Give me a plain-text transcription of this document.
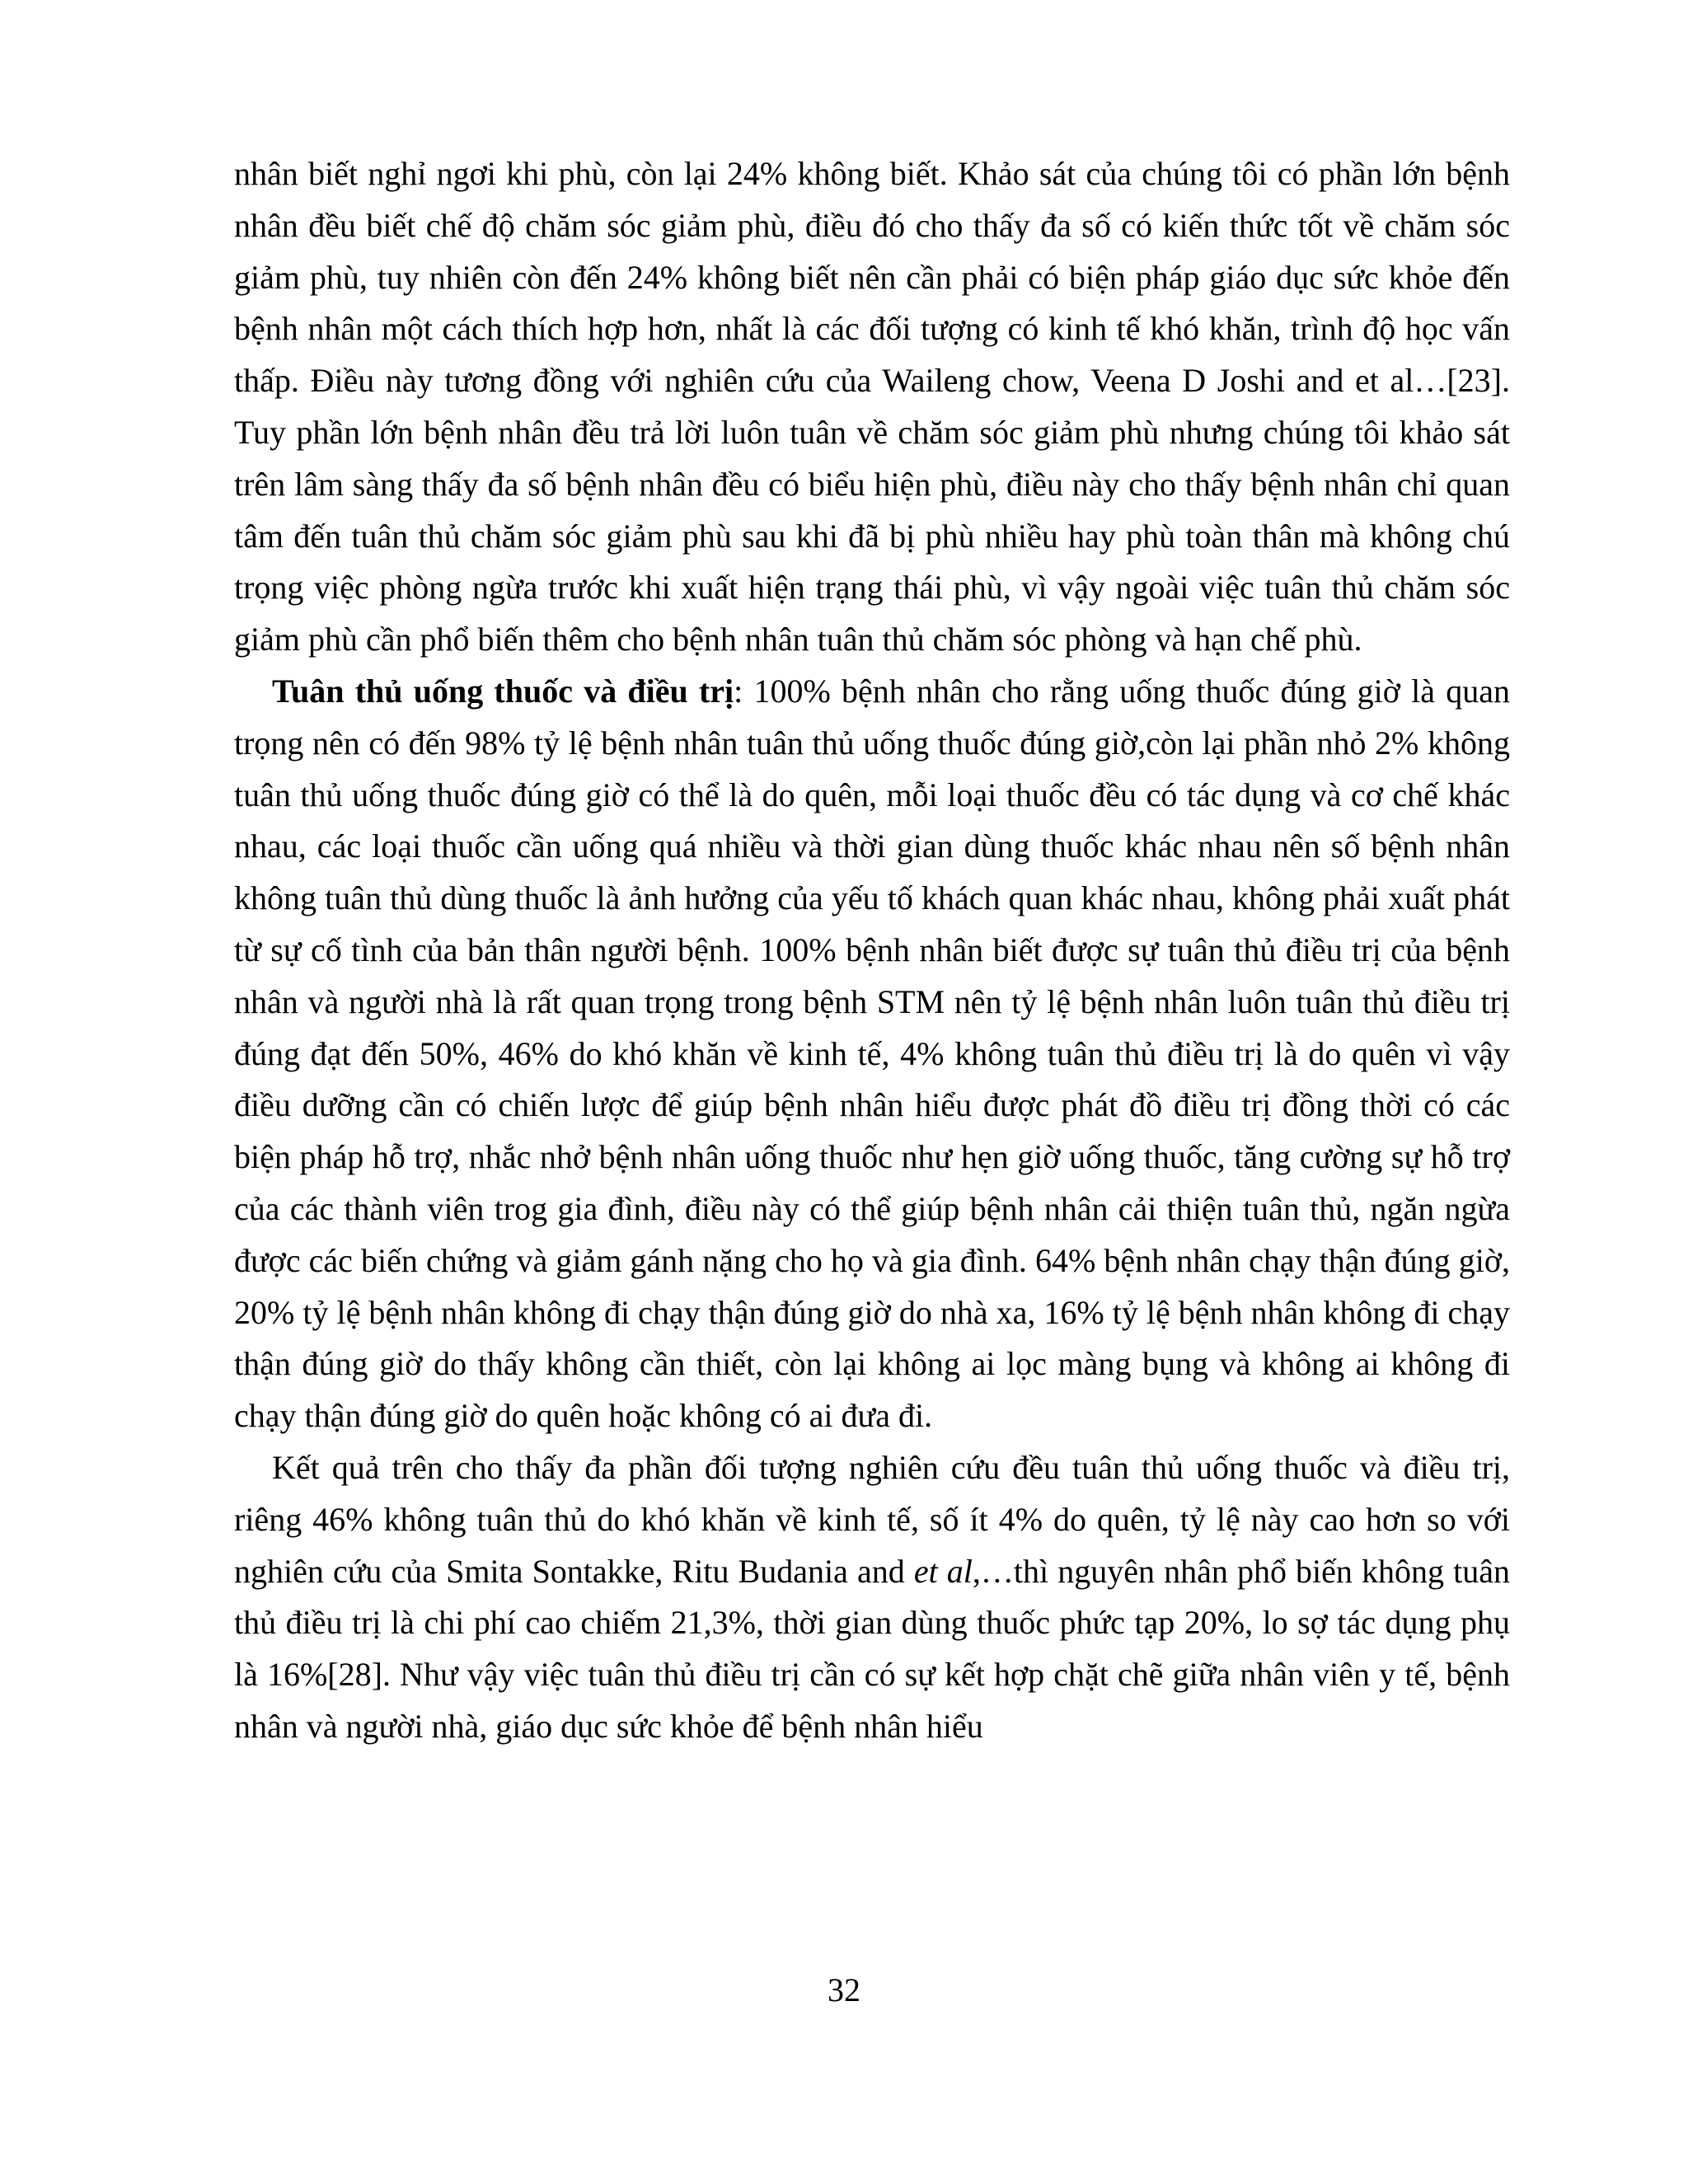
nhân biết nghỉ ngơi khi phù, còn lại 24% không biết. Khảo sát của chúng tôi có phần lớn bệnh nhân đều biết chế độ chăm sóc giảm phù, điều đó cho thấy đa số có kiến thức tốt về chăm sóc giảm phù, tuy nhiên còn đến 24% không biết nên cần phải có biện pháp giáo dục sức khỏe đến bệnh nhân một cách thích hợp hơn, nhất là các đối tượng có kinh tế khó khăn, trình độ học vấn thấp. Điều này tương đồng với nghiên cứu của Waileng chow, Veena D Joshi and et al…[23]. Tuy phần lớn bệnh nhân đều trả lời luôn tuân về chăm sóc giảm phù nhưng chúng tôi khảo sát trên lâm sàng thấy đa số bệnh nhân đều có biểu hiện phù, điều này cho thấy bệnh nhân chỉ quan tâm đến tuân thủ chăm sóc giảm phù sau khi đã bị phù nhiều hay phù toàn thân mà không chú trọng việc phòng ngừa trước khi xuất hiện trạng thái phù, vì vậy ngoài việc tuân thủ chăm sóc giảm phù cần phổ biến thêm cho bệnh nhân tuân thủ chăm sóc phòng và hạn chế phù.

Tuân thủ uống thuốc và điều trị: 100% bệnh nhân cho rằng uống thuốc đúng giờ là quan trọng nên có đến 98% tỷ lệ bệnh nhân tuân thủ uống thuốc đúng giờ,còn lại phần nhỏ 2% không tuân thủ uống thuốc đúng giờ có thể là do quên, mỗi loại thuốc đều có tác dụng và cơ chế khác nhau, các loại thuốc cần uống quá nhiều và thời gian dùng thuốc khác nhau nên số bệnh nhân không tuân thủ dùng thuốc là ảnh hưởng của yếu tố khách quan khác nhau, không phải xuất phát từ sự cố tình của bản thân người bệnh. 100% bệnh nhân biết được sự tuân thủ điều trị của bệnh nhân và người nhà là rất quan trọng trong bệnh STM nên tỷ lệ bệnh nhân luôn tuân thủ điều trị đúng đạt đến 50%, 46% do khó khăn về kinh tế, 4% không tuân thủ điều trị là do quên vì vậy điều dưỡng cần có chiến lược để giúp bệnh nhân hiểu được phát đồ điều trị đồng thời có các biện pháp hỗ trợ, nhắc nhở bệnh nhân uống thuốc như hẹn giờ uống thuốc, tăng cường sự hỗ trợ của các thành viên trog gia đình, điều này có thể giúp bệnh nhân cải thiện tuân thủ, ngăn ngừa được các biến chứng và giảm gánh nặng cho họ và gia đình. 64% bệnh nhân chạy thận đúng giờ, 20% tỷ lệ bệnh nhân không đi chạy thận đúng giờ do nhà xa, 16% tỷ lệ bệnh nhân không đi chạy thận đúng giờ do thấy không cần thiết, còn lại không ai lọc màng bụng và không ai không đi chạy thận đúng giờ do quên hoặc không có ai đưa đi.

Kết quả trên cho thấy đa phần đối tượng nghiên cứu đều tuân thủ uống thuốc và điều trị, riêng 46% không tuân thủ do khó khăn về kinh tế, số ít 4% do quên, tỷ lệ này cao hơn so với nghiên cứu của Smita Sontakke, Ritu Budania and et al,…thì nguyên nhân phổ biến không tuân thủ điều trị là chi phí cao chiếm 21,3%, thời gian dùng thuốc phức tạp 20%, lo sợ tác dụng phụ là 16%[28]. Như vậy việc tuân thủ điều trị cần có sự kết hợp chặt chẽ giữa nhân viên y tế, bệnh nhân và người nhà, giáo dục sức khỏe để bệnh nhân hiểu

32
